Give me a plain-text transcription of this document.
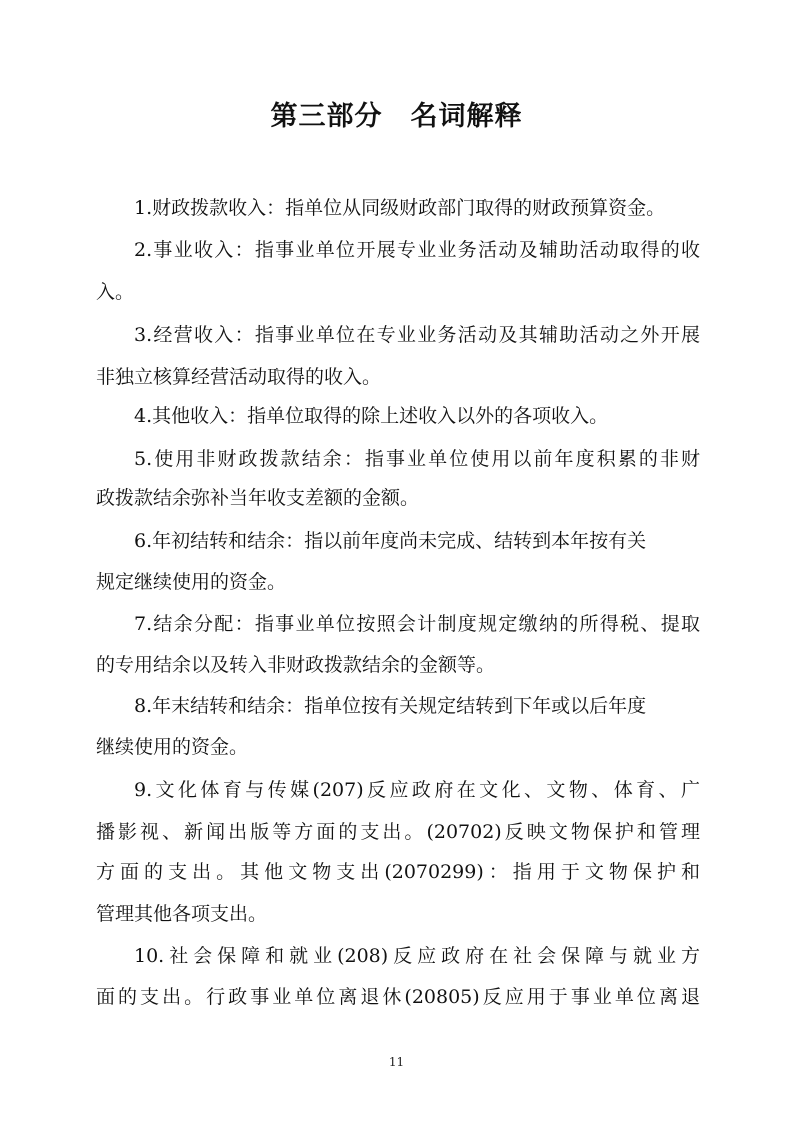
第三部分　名词解释
1.财政拨款收入：指单位从同级财政部门取得的财政预算资金。
2.事业收入：指事业单位开展专业业务活动及辅助活动取得的收
入。
3.经营收入：指事业单位在专业业务活动及其辅助活动之外开展
非独立核算经营活动取得的收入。
4.其他收入：指单位取得的除上述收入以外的各项收入。
5.使用非财政拨款结余：指事业单位使用以前年度积累的非财
政拨款结余弥补当年收支差额的金额。
6.年初结转和结余：指以前年度尚未完成、结转到本年按有关
规定继续使用的资金。
7.结余分配：指事业单位按照会计制度规定缴纳的所得税、提取
的专用结余以及转入非财政拨款结余的金额等。
8.年末结转和结余：指单位按有关规定结转到下年或以后年度
继续使用的资金。
9.文化体育与传媒(207)反应政府在文化、文物、体育、广
播影视、新闻出版等方面的支出。(20702)反映文物保护和管理
方面的支出。其他文物支出(2070299)：指用于文物保护和
管理其他各项支出。
10.社会保障和就业(208)反应政府在社会保障与就业方
面的支出。行政事业单位离退休(20805)反应用于事业单位离退
11
